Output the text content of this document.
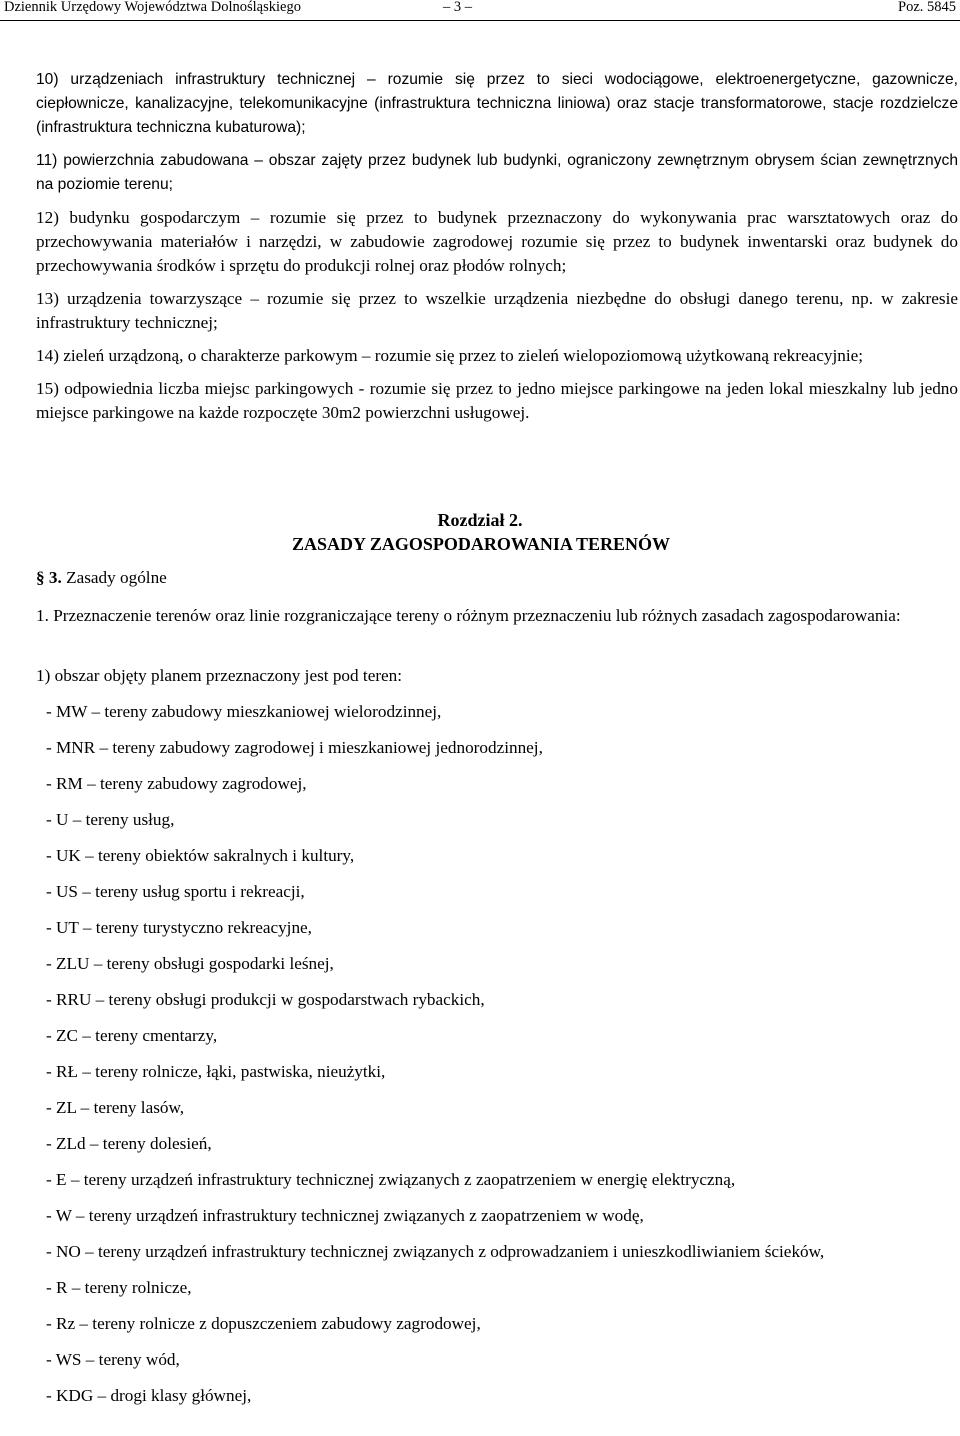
Dziennik Urzędowy Województwa Dolnośląskiego	– 3 –	Poz. 5845
10) urządzeniach infrastruktury technicznej – rozumie się przez to sieci wodociągowe, elektroenergetyczne, gazownicze, ciepłownicze, kanalizacyjne, telekomunikacyjne (infrastruktura techniczna liniowa) oraz stacje transformatorowe, stacje rozdzielcze (infrastruktura techniczna kubaturowa);
11) powierzchnia zabudowana – obszar zajęty przez budynek lub budynki, ograniczony zewnętrznym obrysem ścian zewnętrznych na poziomie terenu;
12) budynku gospodarczym – rozumie się przez to budynek przeznaczony do wykonywania prac warsztatowych oraz do przechowywania materiałów i narzędzi, w zabudowie zagrodowej rozumie się przez to budynek inwentarski oraz budynek do przechowywania środków i sprzętu do produkcji rolnej oraz płodów rolnych;
13) urządzenia towarzyszące – rozumie się przez to wszelkie urządzenia niezbędne do obsługi danego terenu, np. w zakresie infrastruktury technicznej;
14) zieleń urządzoną, o charakterze parkowym – rozumie się przez to zieleń wielopoziomową użytkowaną rekreacyjnie;
15) odpowiednia liczba miejsc parkingowych - rozumie się przez to jedno miejsce parkingowe na jeden lokal mieszkalny lub jedno miejsce parkingowe na każde rozpoczęte 30m2 powierzchni usługowej.
Rozdział 2.
ZASADY ZAGOSPODAROWANIA TERENÓW
§ 3. Zasady ogólne
1. Przeznaczenie terenów oraz linie rozgraniczające tereny o różnym przeznaczeniu lub różnych zasadach zagospodarowania:
1) obszar objęty planem przeznaczony jest pod teren:
- MW – tereny zabudowy mieszkaniowej wielorodzinnej,
- MNR – tereny zabudowy zagrodowej i mieszkaniowej jednorodzinnej,
- RM – tereny zabudowy zagrodowej,
- U – tereny usług,
- UK – tereny obiektów sakralnych i kultury,
- US – tereny usług sportu i rekreacji,
- UT – tereny turystyczno rekreacyjne,
- ZLU – tereny obsługi gospodarki leśnej,
- RRU – tereny obsługi produkcji w gospodarstwach rybackich,
- ZC – tereny cmentarzy,
- RŁ – tereny rolnicze, łąki, pastwiska, nieużytki,
- ZL – tereny lasów,
- ZLd – tereny dolesień,
- E – tereny urządzeń infrastruktury technicznej związanych z zaopatrzeniem w energię elektryczną,
- W – tereny urządzeń infrastruktury technicznej związanych z zaopatrzeniem w wodę,
- NO – tereny urządzeń infrastruktury technicznej związanych z odprowadzaniem i unieszkodliwianiem ścieków,
- R – tereny rolnicze,
- Rz – tereny rolnicze z dopuszczeniem zabudowy zagrodowej,
- WS – tereny wód,
- KDG – drogi klasy głównej,
